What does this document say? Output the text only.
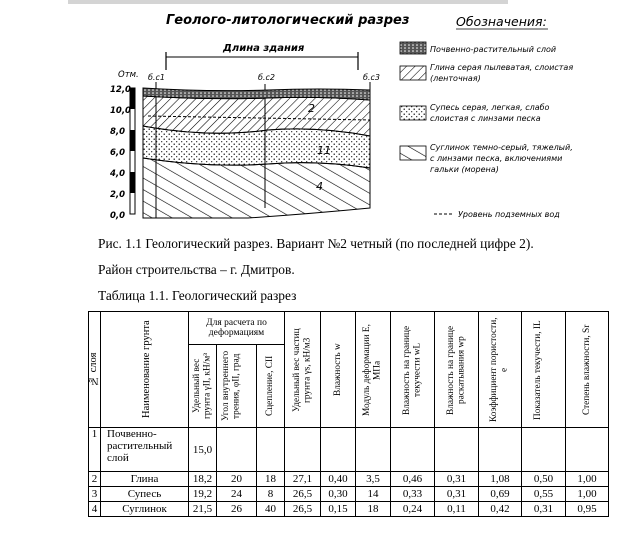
Геолого-литологический разрез
Длина здания
Отм.
12,0
10,0
8,0
6,0
4,0
2,0
0,0
б.с1	б.с2	б.с3
2
11
4
Обозначения:
Почвенно-растительный слой
Глина серая пылеватая, слоистая (ленточная)
Супесь серая, легкая, слабо слоистая с линзами песка
Суглинок темно-серый, тяжелый, с линзами песка, включениями гальки (морена)
Уровень подземных вод
Рис. 1.1 Геологический разрез. Вариант №2 четный (по последней цифре 2).
Район строительства – г. Дмитров.
Таблица 1.1. Геологический разрез
№ слоя	Наименование грунта	Для расчета по деформациям			Удельный вес частиц грунта γs, кН/м3	Влажность w	Модуль деформации E, МПа	Влажность на границе текучести wL	Влажность на границе раскатывания wp	Коэффициент пористости, e	Показатель текучести, IL	Степень влажности, Sr

		Удельный вес грунта γII, кН/м³	Угол внутреннего трения, φII, град	Сцепление, CII								

1	Почвенно-растительный слой	15,0										
2	Глина	18,2	20	18	27,1	0,40	3,5	0,46	0,31	1,08	0,50	1,00
3	Супесь	19,2	24	8	26,5	0,30	14	0,33	0,31	0,69	0,55	1,00
4	Суглинок	21,5	26	40	26,5	0,15	18	0,24	0,11	0,42	0,31	0,95
